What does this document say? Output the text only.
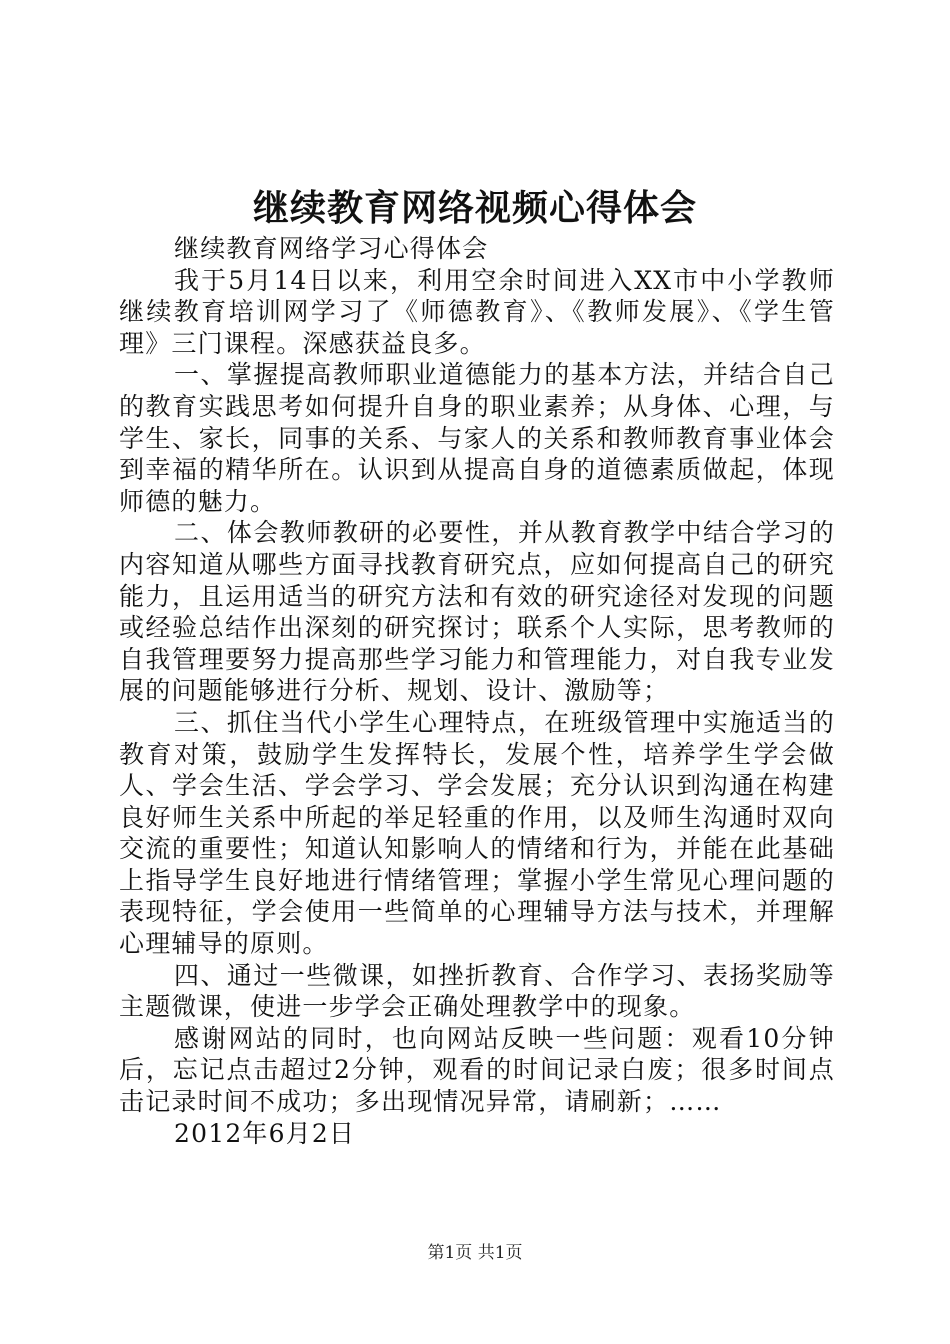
继续教育网络视频心得体会

继续教育网络学习心得体会

我于5月14日以来，利用空余时间进入XX市中小学教师继续教育培训网学习了《师德教育》、《教师发展》、《学生管理》三门课程。深感获益良多。

一、掌握提高教师职业道德能力的基本方法，并结合自己的教育实践思考如何提升自身的职业素养；从身体、心理，与学生、家长，同事的关系、与家人的关系和教师教育事业体会到幸福的精华所在。认识到从提高自身的道德素质做起，体现师德的魅力。

二、体会教师教研的必要性，并从教育教学中结合学习的内容知道从哪些方面寻找教育研究点，应如何提高自己的研究能力，且运用适当的研究方法和有效的研究途径对发现的问题或经验总结作出深刻的研究探讨；联系个人实际，思考教师的自我管理要努力提高那些学习能力和管理能力，对自我专业发展的问题能够进行分析、规划、设计、激励等；

三、抓住当代小学生心理特点，在班级管理中实施适当的教育对策，鼓励学生发挥特长，发展个性，培养学生学会做人、学会生活、学会学习、学会发展；充分认识到沟通在构建良好师生关系中所起的举足轻重的作用，以及师生沟通时双向交流的重要性；知道认知影响人的情绪和行为，并能在此基础上指导学生良好地进行情绪管理；掌握小学生常见心理问题的表现特征，学会使用一些简单的心理辅导方法与技术，并理解心理辅导的原则。

四、通过一些微课，如挫折教育、合作学习、表扬奖励等主题微课，使进一步学会正确处理教学中的现象。

感谢网站的同时，也向网站反映一些问题：观看10分钟后，忘记点击超过2分钟，观看的时间记录白废；很多时间点击记录时间不成功；多出现情况异常，请刷新；……

2012年6月2日

第1页 共1页
